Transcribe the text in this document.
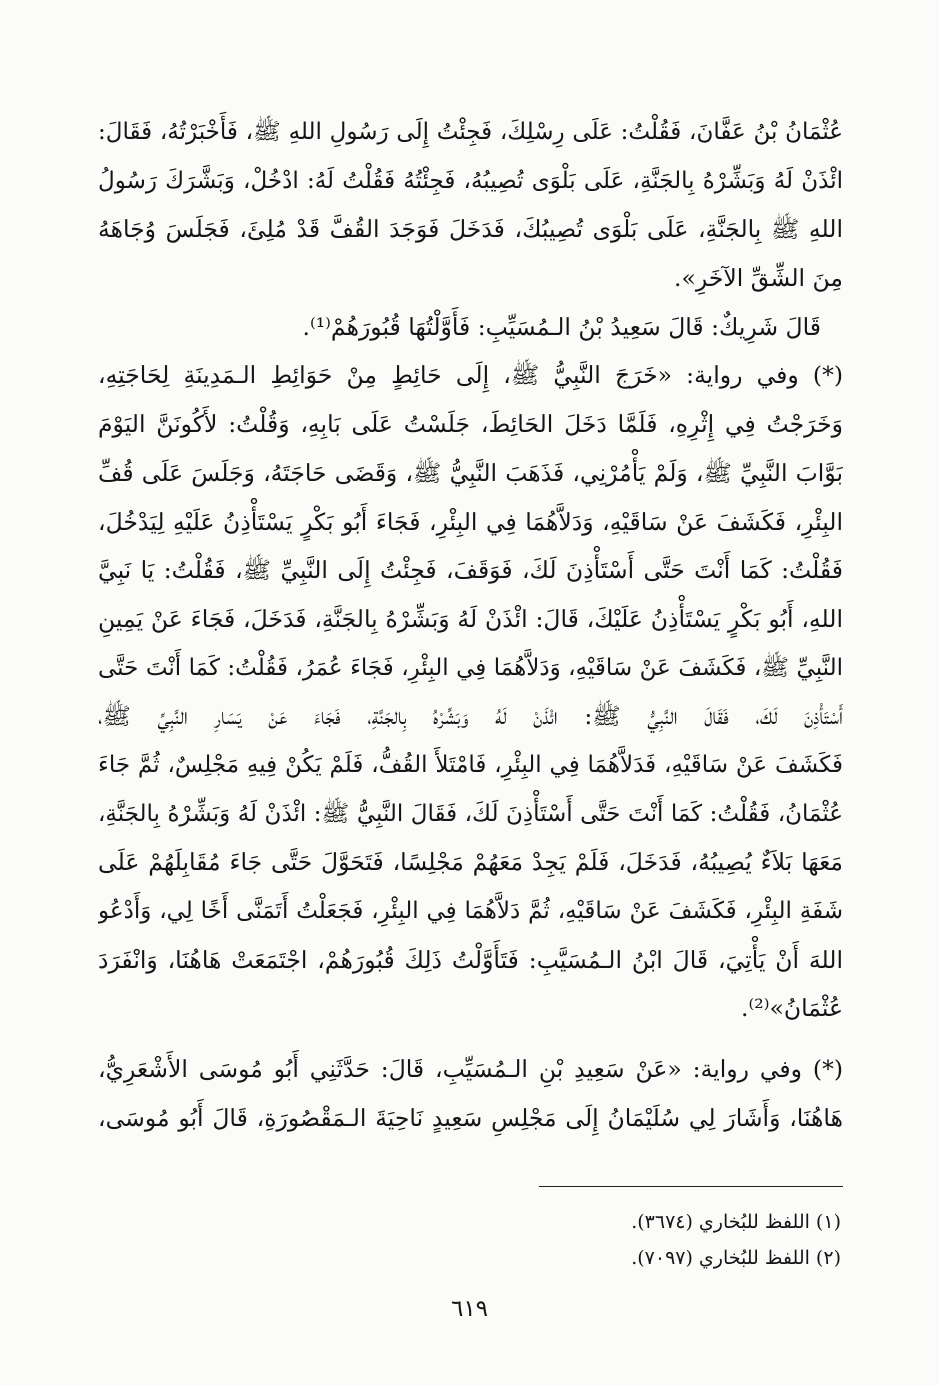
عُثْمَانُ بْنُ عَفَّانَ، فَقُلْتُ: عَلَى رِسْلِكَ، فَجِئْتُ إِلَى رَسُولِ اللهِ ﷺ، فَأَخْبَرْتُهُ، فَقَالَ:
ائْذَنْ لَهُ وَبَشِّرْهُ بِالجَنَّةِ، عَلَى بَلْوَى تُصِيبُهُ، فَجِئْتُهُ فَقُلْتُ لَهُ: ادْخُلْ، وَبَشَّرَكَ رَسُولُ
اللهِ ﷺ بِالجَنَّةِ، عَلَى بَلْوَى تُصِيبُكَ، فَدَخَلَ فَوَجَدَ القُفَّ قَدْ مُلِئَ، فَجَلَسَ وُجَاهَهُ
مِنَ الشِّقِّ الآخَرِ».
قَالَ شَرِيكٌ: قَالَ سَعِيدُ بْنُ الـمُسَيِّبِ: فَأَوَّلْتُهَا قُبُورَهُمْ⁽¹⁾.
(*) وفي رواية: «خَرَجَ النَّبِيُّ ﷺ، إِلَى حَائِطٍ مِنْ حَوَائِطِ الـمَدِينَةِ لِحَاجَتِهِ،
وَخَرَجْتُ فِي إِثْرِهِ، فَلَمَّا دَخَلَ الحَائِطَ، جَلَسْتُ عَلَى بَابِهِ، وَقُلْتُ: لأَكُونَنَّ اليَوْمَ
بَوَّابَ النَّبِيِّ ﷺ، وَلَمْ يَأْمُرْنِي، فَذَهَبَ النَّبِيُّ ﷺ، وَقَضَى حَاجَتَهُ، وَجَلَسَ عَلَى قُفِّ
البِئْرِ، فَكَشَفَ عَنْ سَاقَيْهِ، وَدَلاَّهُمَا فِي البِئْرِ، فَجَاءَ أَبُو بَكْرٍ يَسْتَأْذِنُ عَلَيْهِ لِيَدْخُلَ،
فَقُلْتُ: كَمَا أَنْتَ حَتَّى أَسْتَأْذِنَ لَكَ، فَوَقَفَ، فَجِئْتُ إِلَى النَّبِيِّ ﷺ، فَقُلْتُ: يَا نَبِيَّ
اللهِ، أَبُو بَكْرٍ يَسْتَأْذِنُ عَلَيْكَ، قَالَ: ائْذَنْ لَهُ وَبَشِّرْهُ بِالجَنَّةِ، فَدَخَلَ، فَجَاءَ عَنْ يَمِينِ
النَّبِيِّ ﷺ، فَكَشَفَ عَنْ سَاقَيْهِ، وَدَلاَّهُمَا فِي البِئْرِ، فَجَاءَ عُمَرُ، فَقُلْتُ: كَمَا أَنْتَ حَتَّى
أَسْتَأْذِنَ لَكَ، فَقَالَ النَّبِيُّ ﷺ: ائْذَنْ لَهُ وَبَشِّرْهُ بِالجَنَّةِ، فَجَاءَ عَنْ يَسَارِ النَّبِيِّ ﷺ،
فَكَشَفَ عَنْ سَاقَيْهِ، فَدَلاَّهُمَا فِي البِئْرِ، فَامْتَلأَ القُفُّ، فَلَمْ يَكُنْ فِيهِ مَجْلِسٌ، ثُمَّ جَاءَ
عُثْمَانُ، فَقُلْتُ: كَمَا أَنْتَ حَتَّى أَسْتَأْذِنَ لَكَ، فَقَالَ النَّبِيُّ ﷺ: ائْذَنْ لَهُ وَبَشِّرْهُ بِالجَنَّةِ،
مَعَهَا بَلاَءٌ يُصِيبُهُ، فَدَخَلَ، فَلَمْ يَجِدْ مَعَهُمْ مَجْلِسًا، فَتَحَوَّلَ حَتَّى جَاءَ مُقَابِلَهُمْ عَلَى
شَفَةِ البِئْرِ، فَكَشَفَ عَنْ سَاقَيْهِ، ثُمَّ دَلاَّهُمَا فِي البِئْرِ، فَجَعَلْتُ أَتَمَنَّى أَخًا لِي، وَأَدْعُو
اللهَ أَنْ يَأْتِيَ، قَالَ ابْنُ الـمُسَيَّبِ: فَتَأَوَّلْتُ ذَلِكَ قُبُورَهُمْ، اجْتَمَعَتْ هَاهُنَا، وَانْفَرَدَ
عُثْمَانُ»⁽²⁾.
(*) وفي رواية: «عَنْ سَعِيدِ بْنِ الـمُسَيِّبِ، قَالَ: حَدَّثَنِي أَبُو مُوسَى الأَشْعَرِيُّ،
هَاهُنَا، وَأَشَارَ لِي سُلَيْمَانُ إِلَى مَجْلِسِ سَعِيدٍ نَاحِيَةَ الـمَقْصُورَةِ، قَالَ أَبُو مُوسَى،
(١) اللفظ للبُخاري (٣٦٧٤).
(٢) اللفظ للبُخاري (٧٠٩٧).
٦١٩
